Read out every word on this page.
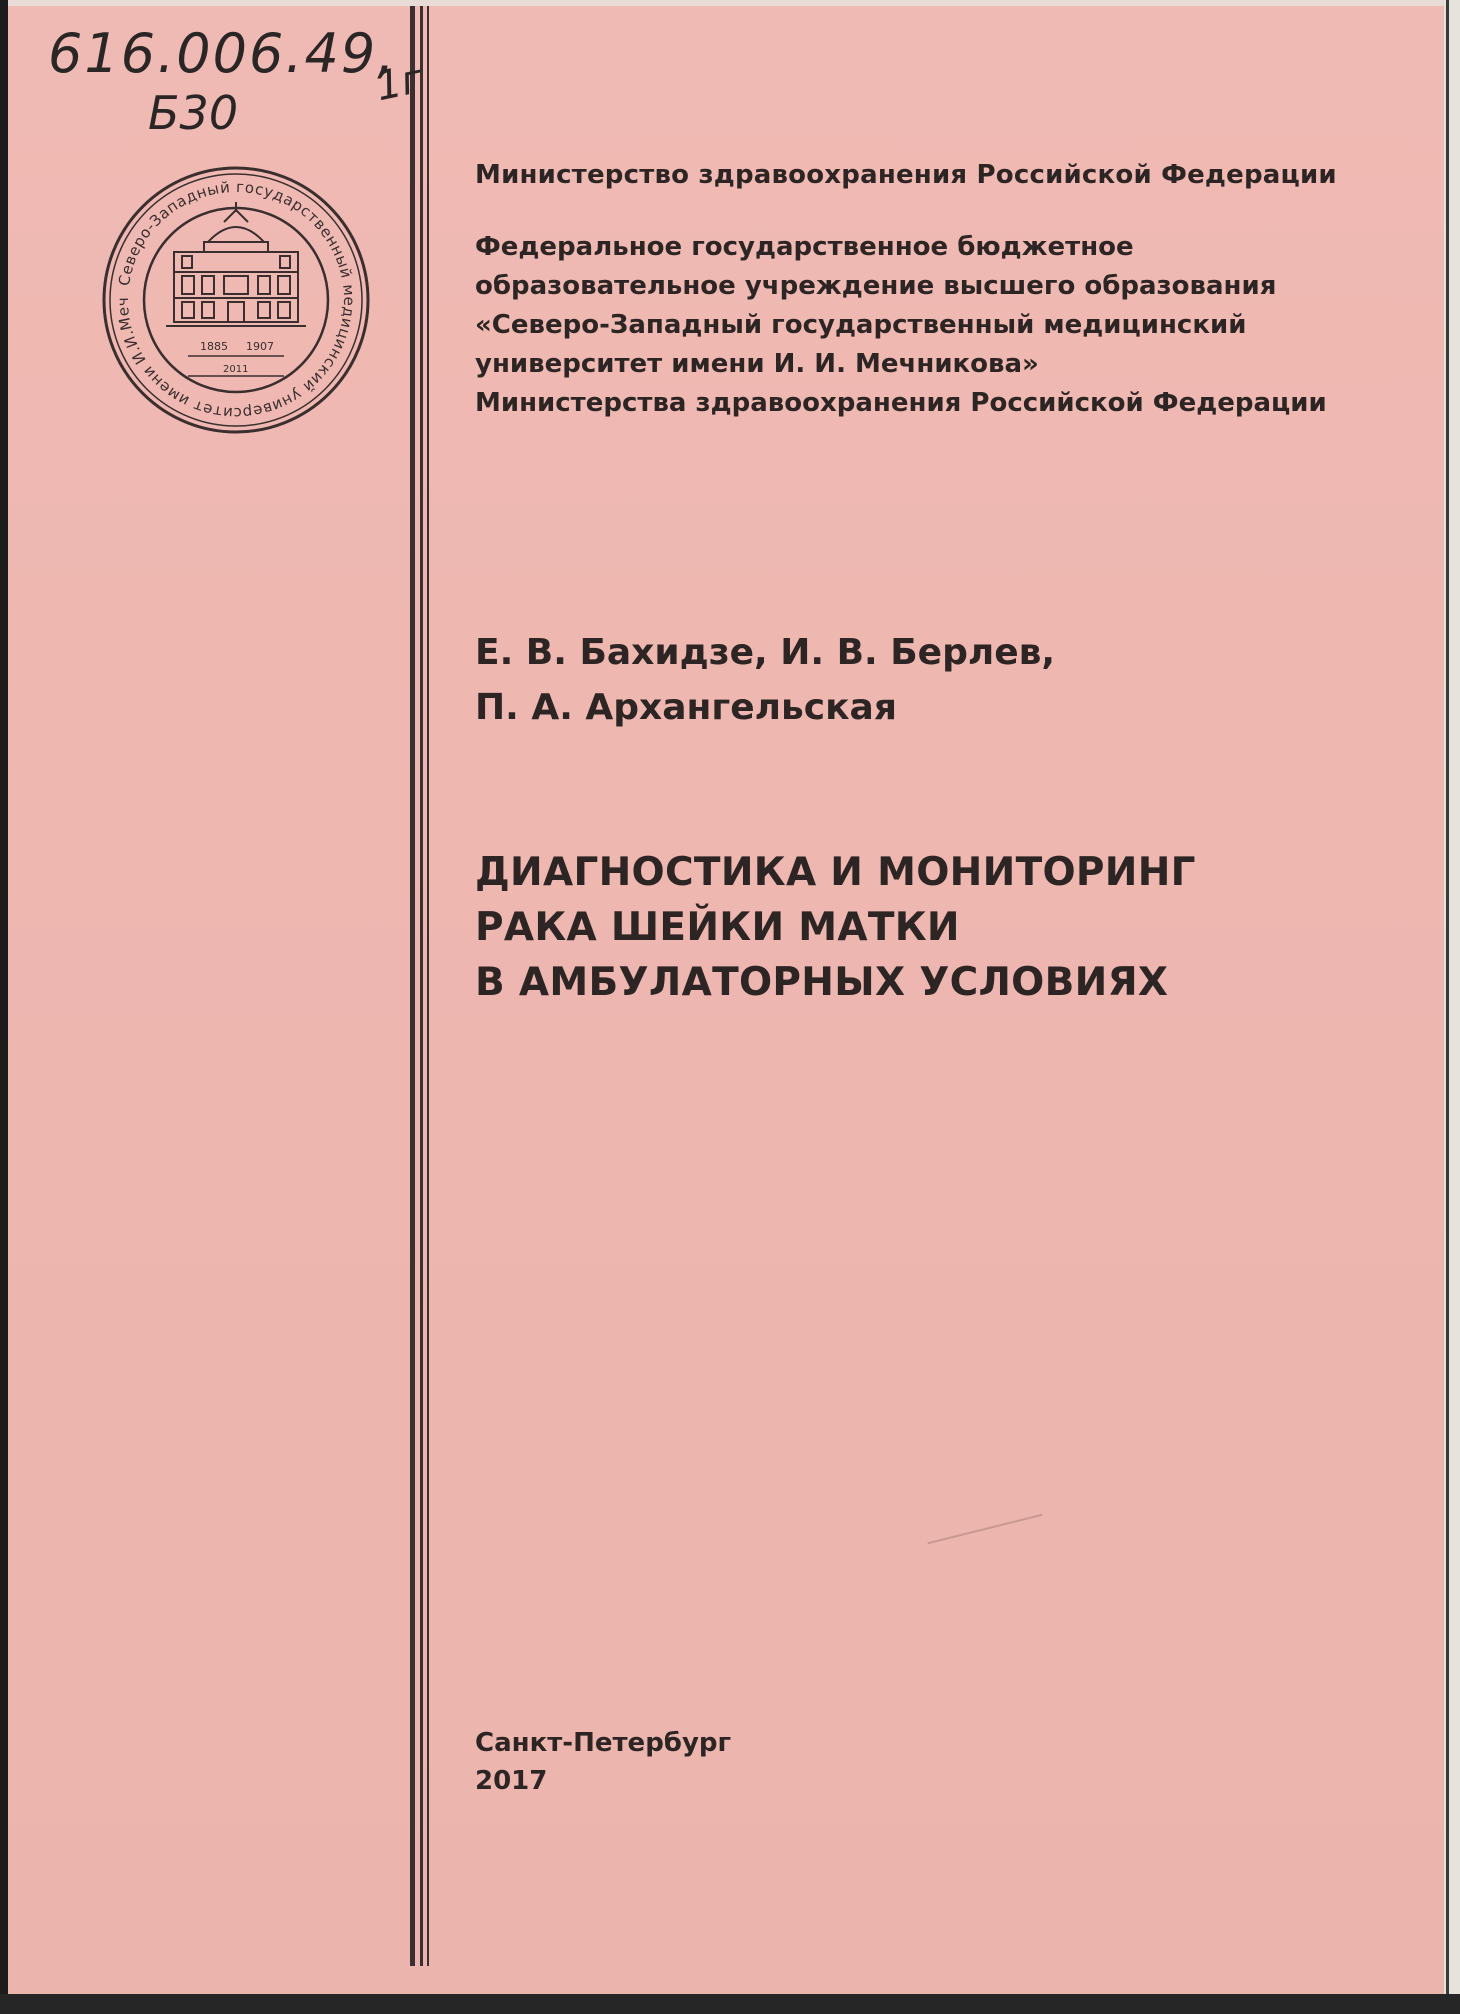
616.006.49,
Б30
1г
Северо-Западный государственный медицинский университет имени И.И.Меч
1885 1907
2011
Министерство здравоохранения Российской Федерации
Федеральное государственное бюджетное
образовательное учреждение высшего образования
«Северо-Западный государственный медицинский
университет имени И. И. Мечникова»
Министерства здравоохранения Российской Федерации
Е. В. Бахидзе, И. В. Берлев,
П. А. Архангельская
ДИАГНОСТИКА И МОНИТОРИНГ
РАКА ШЕЙКИ МАТКИ
В АМБУЛАТОРНЫХ УСЛОВИЯХ
Санкт-Петербург
2017
